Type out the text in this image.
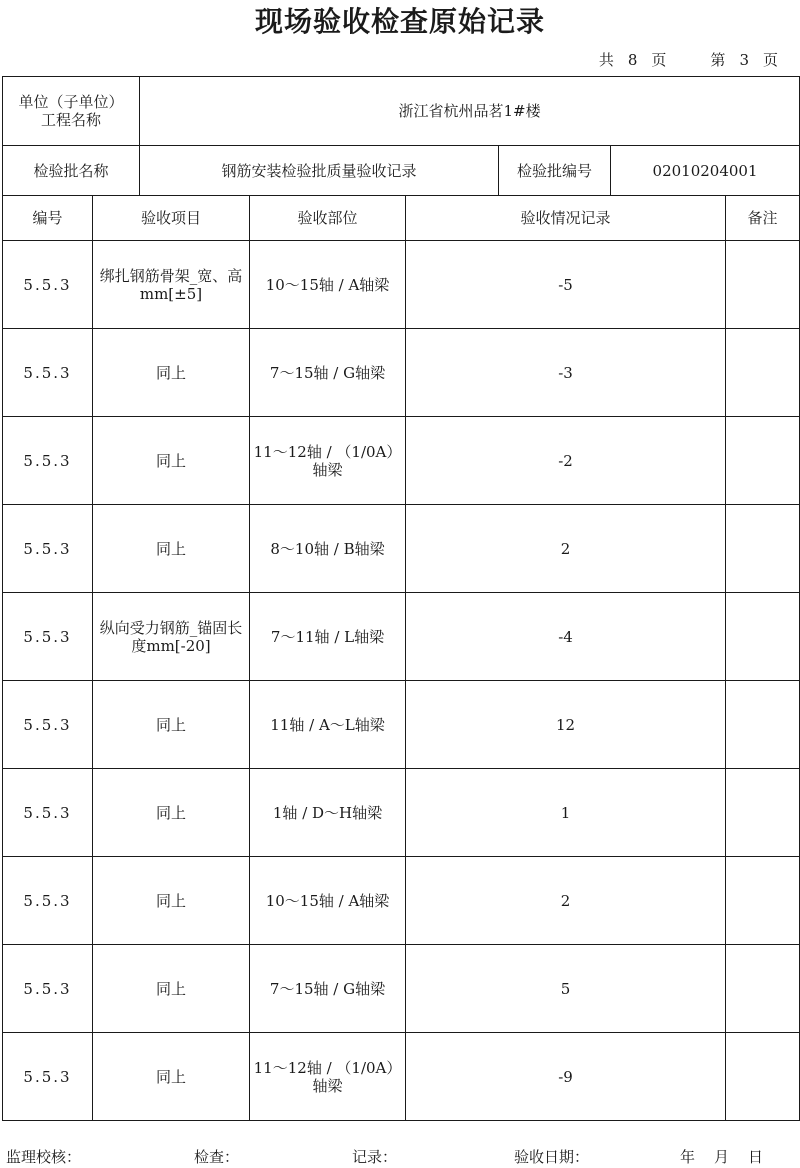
现场验收检查原始记录
共 8 页	第 3 页
单位（子单位）
工程名称		浙江省杭州品茗1#楼					
检验批名称		钢筋安装检验批质量验收记录			检验批编号	02010204001	
编号	验收项目		验收部位	验收情况记录			备注
5.5.3	绑扎钢筋骨架_宽、高mm[±5]		10～15轴 / A轴梁	-5			
5.5.3	同上		7～15轴 / G轴梁	-3			
5.5.3	同上		11～12轴 / （1/0A）轴梁	-2			
5.5.3	同上		8～10轴 / B轴梁	2			
5.5.3	纵向受力钢筋_锚固长度mm[-20]		7～11轴 / L轴梁	-4			
5.5.3	同上		11轴 / A～L轴梁	12			
5.5.3	同上		1轴 / D～H轴梁	1			
5.5.3	同上		10～15轴 / A轴梁	2			
5.5.3	同上		7～15轴 / G轴梁	5			
5.5.3	同上		11～12轴 / （1/0A）轴梁	-9			
监理校核：	检查：	记录：	验收日期：	年 月 日
